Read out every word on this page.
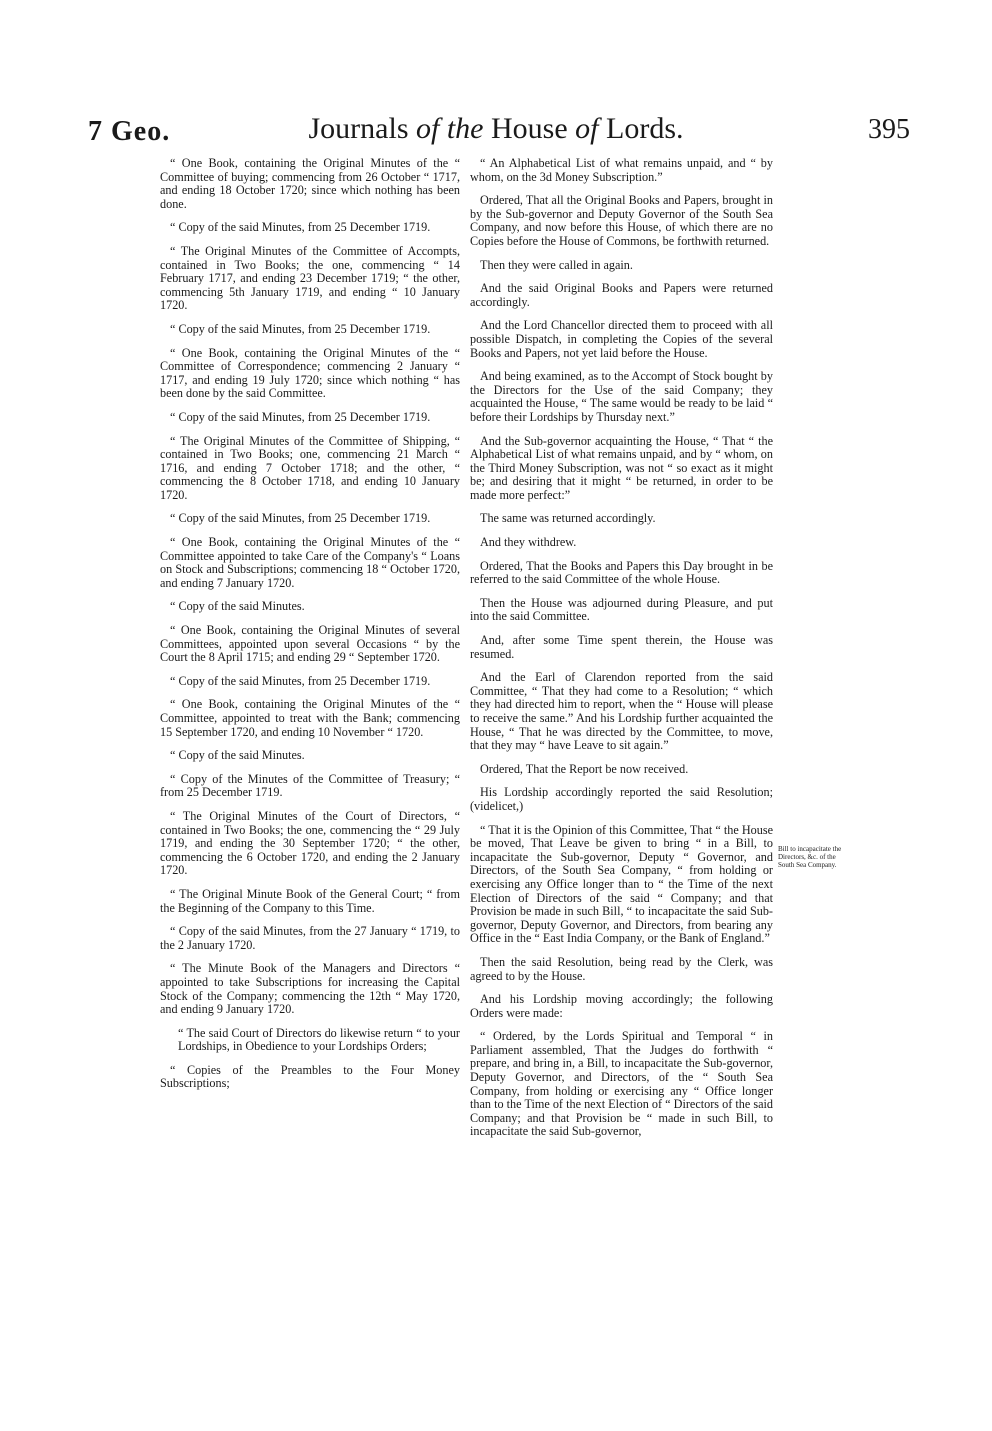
7 Geo.	Journals of the House of Lords.	395

“ One Book, containing the Original Minutes of the “ Committee of buying; commencing from 26 October “ 1717, and ending 18 October 1720; since which nothing has been done.

“ Copy of the said Minutes, from 25 December 1719.

“ The Original Minutes of the Committee of Accompts, contained in Two Books; the one, commencing “ 14 February 1717, and ending 23 December 1719; “ the other, commencing 5th January 1719, and ending “ 10 January 1720.

“ Copy of the said Minutes, from 25 December 1719.

“ One Book, containing the Original Minutes of the “ Committee of Correspondence; commencing 2 January “ 1717, and ending 19 July 1720; since which nothing “ has been done by the said Committee.

“ Copy of the said Minutes, from 25 December 1719.

“ The Original Minutes of the Committee of Shipping, “ contained in Two Books; one, commencing 21 March “ 1716, and ending 7 October 1718; and the other, “ commencing the 8 October 1718, and ending 10 January 1720.

“ Copy of the said Minutes, from 25 December 1719.

“ One Book, containing the Original Minutes of the “ Committee appointed to take Care of the Company's “ Loans on Stock and Subscriptions; commencing 18 “ October 1720, and ending 7 January 1720.

“ Copy of the said Minutes.

“ One Book, containing the Original Minutes of several Committees, appointed upon several Occasions “ by the Court the 8 April 1715; and ending 29 “ September 1720.

“ Copy of the said Minutes, from 25 December 1719.

“ One Book, containing the Original Minutes of the “ Committee, appointed to treat with the Bank; commencing 15 September 1720, and ending 10 November “ 1720.

“ Copy of the said Minutes.

“ Copy of the Minutes of the Committee of Treasury; “ from 25 December 1719.

“ The Original Minutes of the Court of Directors, “ contained in Two Books; the one, commencing the “ 29 July 1719, and ending the 30 September 1720; “ the other, commencing the 6 October 1720, and ending the 2 January 1720.

“ The Original Minute Book of the General Court; “ from the Beginning of the Company to this Time.

“ Copy of the said Minutes, from the 27 January “ 1719, to the 2 January 1720.

“ The Minute Book of the Managers and Directors “ appointed to take Subscriptions for increasing the Capital Stock of the Company; commencing the 12th “ May 1720, and ending 9 January 1720.

“ The said Court of Directors do likewise return “ to your Lordships, in Obedience to your Lordships Orders;

“ Copies of the Preambles to the Four Money Subscriptions;

“ An Alphabetical List of what remains unpaid, and “ by whom, on the 3d Money Subscription.”

Ordered, That all the Original Books and Papers, brought in by the Sub-governor and Deputy Governor of the South Sea Company, and now before this House, of which there are no Copies before the House of Commons, be forthwith returned.

Then they were called in again.

And the said Original Books and Papers were returned accordingly.

And the Lord Chancellor directed them to proceed with all possible Dispatch, in completing the Copies of the several Books and Papers, not yet laid before the House.

And being examined, as to the Accompt of Stock bought by the Directors for the Use of the said Company; they acquainted the House, “ The same would be ready to be laid “ before their Lordships by Thursday next.”

And the Sub-governor acquainting the House, “ That “ the Alphabetical List of what remains unpaid, and by “ whom, on the Third Money Subscription, was not “ so exact as it might be; and desiring that it might “ be returned, in order to be made more perfect:”

The same was returned accordingly.

And they withdrew.

Ordered, That the Books and Papers this Day brought in be referred to the said Committee of the whole House.

Then the House was adjourned during Pleasure, and put into the said Committee.

And, after some Time spent therein, the House was resumed.

And the Earl of Clarendon reported from the said Committee, “ That they had come to a Resolution; “ which they had directed him to report, when the “ House will please to receive the same.” And his Lordship further acquainted the House, “ That he was directed by the Committee, to move, that they may “ have Leave to sit again.”

Ordered, That the Report be now received.

His Lordship accordingly reported the said Resolution; (videlicet,)

“ That it is the Opinion of this Committee, That “ the House be moved, That Leave be given to bring “ in a Bill, to incapacitate the Sub-governor, Deputy “ Governor, and Directors, of the South Sea Company, “ from holding or exercising any Office longer than to “ the Time of the next Election of Directors of the said “ Company; and that Provision be made in such Bill, “ to incapacitate the said Sub-governor, Deputy Governor, and Directors, from bearing any Office in the “ East India Company, or the Bank of England.”

Then the said Resolution, being read by the Clerk, was agreed to by the House.

And his Lordship moving accordingly; the following Orders were made:

“ Ordered, by the Lords Spiritual and Temporal “ in Parliament assembled, That the Judges do forthwith “ prepare, and bring in, a Bill, to incapacitate the Sub-governor, Deputy Governor, and Directors, of the “ South Sea Company, from holding or exercising any “ Office longer than to the Time of the next Election of “ Directors of the said Company; and that Provision be “ made in such Bill, to incapacitate the said Sub-governor,

Bill to incapacitate the Directors, &c. of the South Sea Company.
